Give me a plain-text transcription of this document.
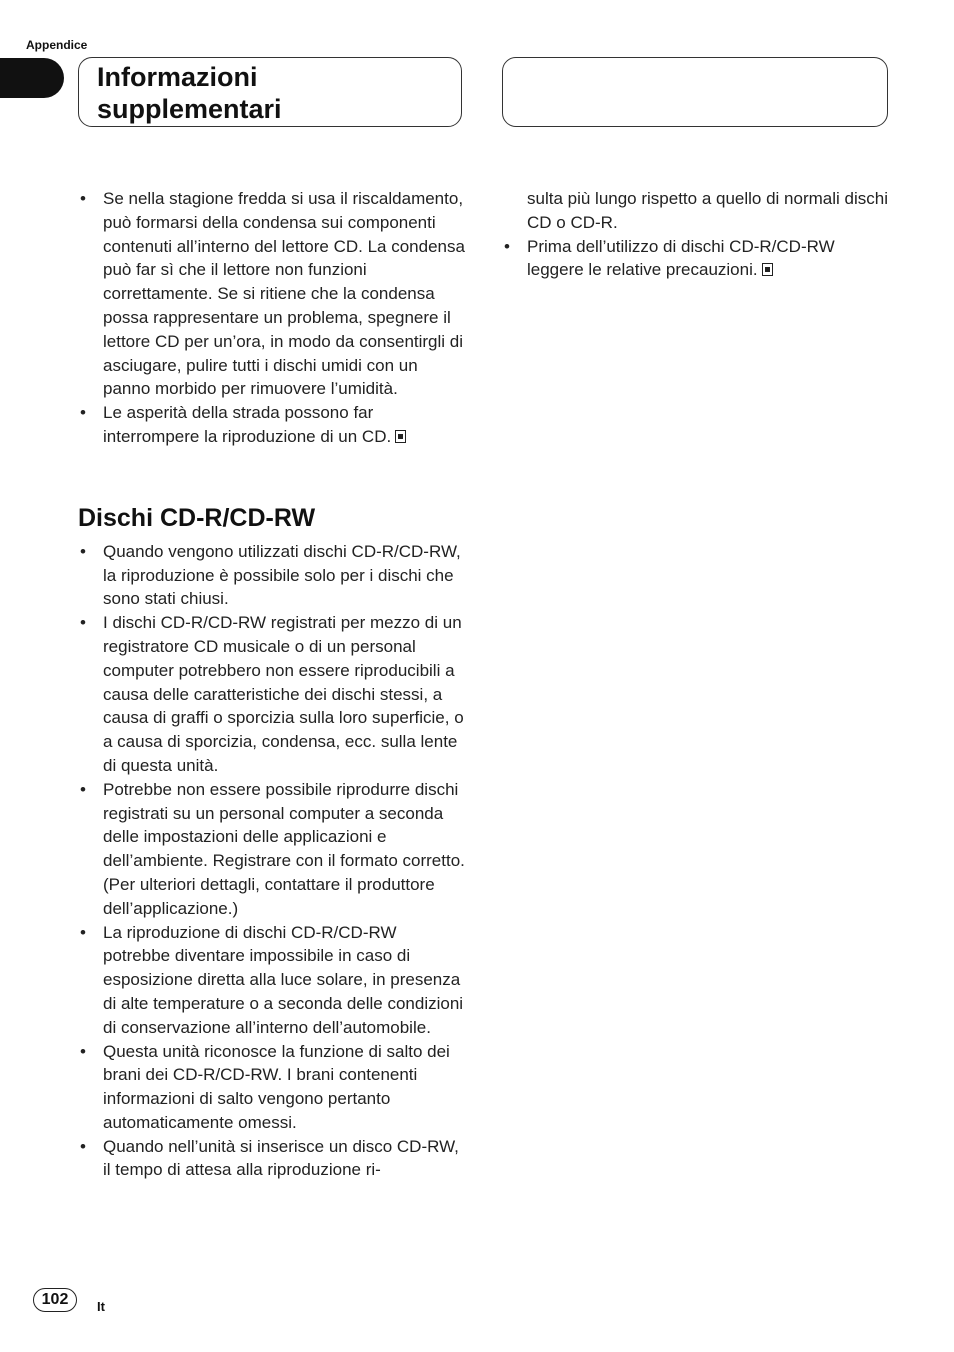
Appendice
Informazioni supplementari
• Se nella stagione fredda si usa il riscaldamento, può formarsi della condensa sui componenti contenuti all’interno del lettore CD. La condensa può far sì che il lettore non funzioni correttamente. Se si ritiene che la condensa possa rappresentare un problema, spegnere il lettore CD per un’ora, in modo da consentirgli di asciugare, pulire tutti i dischi umidi con un panno morbido per rimuovere l’umidità.
• Le asperità della strada possono far interrompere la riproduzione di un CD.
Dischi CD-R/CD-RW
• Quando vengono utilizzati dischi CD-R/CD-RW, la riproduzione è possibile solo per i dischi che sono stati chiusi.
• I dischi CD-R/CD-RW registrati per mezzo di un registratore CD musicale o di un personal computer potrebbero non essere riproducibili a causa delle caratteristiche dei dischi stessi, a causa di graffi o sporcizia sulla loro superficie, o a causa di sporcizia, condensa, ecc. sulla lente di questa unità.
• Potrebbe non essere possibile riprodurre dischi registrati su un personal computer a seconda delle impostazioni delle applicazioni e dell’ambiente. Registrare con il formato corretto. (Per ulteriori dettagli, contattare il produttore dell’applicazione.)
• La riproduzione di dischi CD-R/CD-RW potrebbe diventare impossibile in caso di esposizione diretta alla luce solare, in presenza di alte temperature o a seconda delle condizioni di conservazione all’interno dell’automobile.
• Questa unità riconosce la funzione di salto dei brani dei CD-R/CD-RW. I brani contenenti informazioni di salto vengono pertanto automaticamente omessi.
• Quando nell’unità si inserisce un disco CD-RW, il tempo di attesa alla riproduzione ri-
sulta più lungo rispetto a quello di normali dischi CD o CD-R.
• Prima dell’utilizzo di dischi CD-R/CD-RW leggere le relative precauzioni.
102	It
